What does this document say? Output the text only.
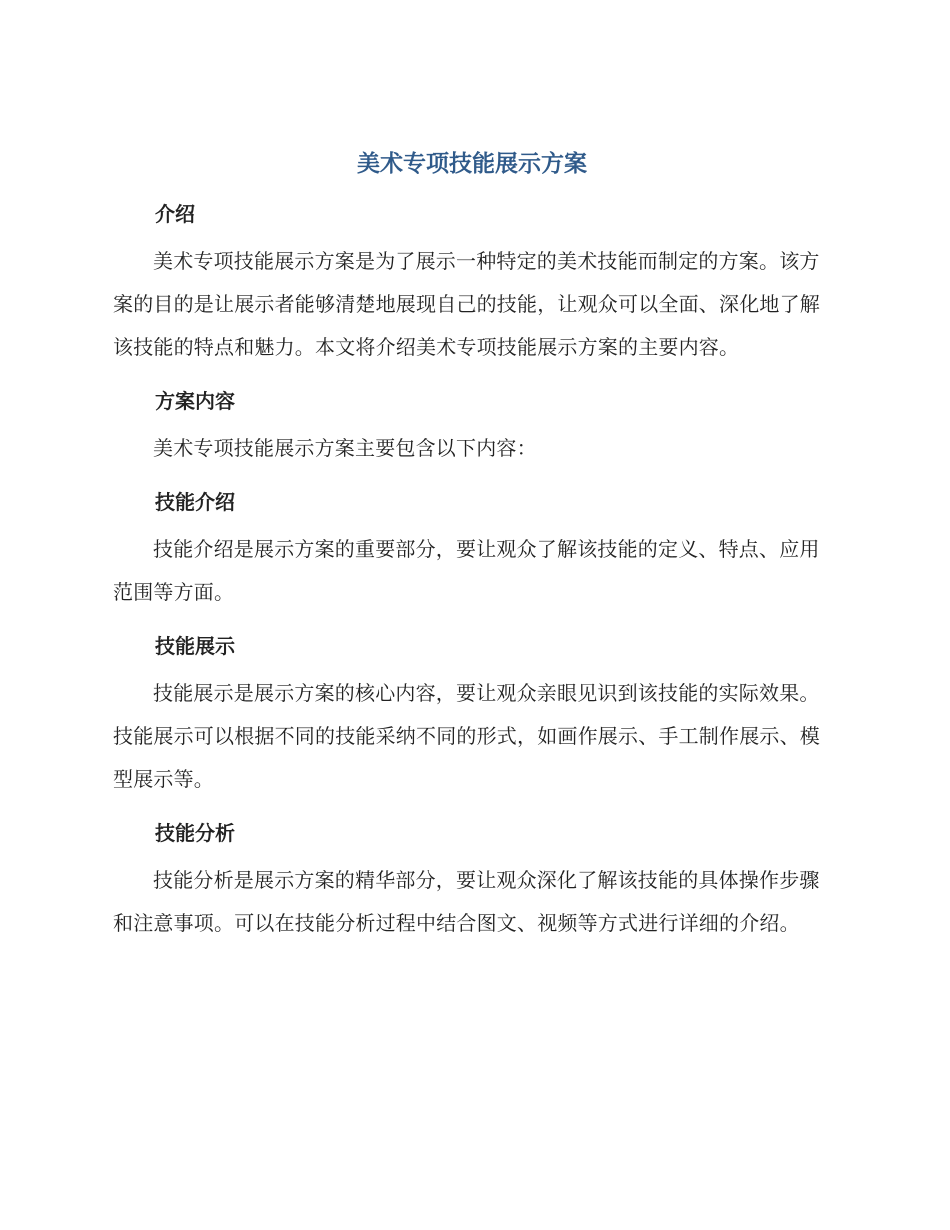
美术专项技能展示方案
介绍

美术专项技能展示方案是为了展示一种特定的美术技能而制定的方案。该方案的目的是让展示者能够清楚地展现自己的技能，让观众可以全面、深化地了解该技能的特点和魅力。本文将介绍美术专项技能展示方案的主要内容。

方案内容

美术专项技能展示方案主要包含以下内容：

技能介绍

技能介绍是展示方案的重要部分，要让观众了解该技能的定义、特点、应用范围等方面。

技能展示

技能展示是展示方案的核心内容，要让观众亲眼见识到该技能的实际效果。技能展示可以根据不同的技能采纳不同的形式，如画作展示、手工制作展示、模型展示等。

技能分析

技能分析是展示方案的精华部分，要让观众深化了解该技能的具体操作步骤和注意事项。可以在技能分析过程中结合图文、视频等方式进行详细的介绍。
